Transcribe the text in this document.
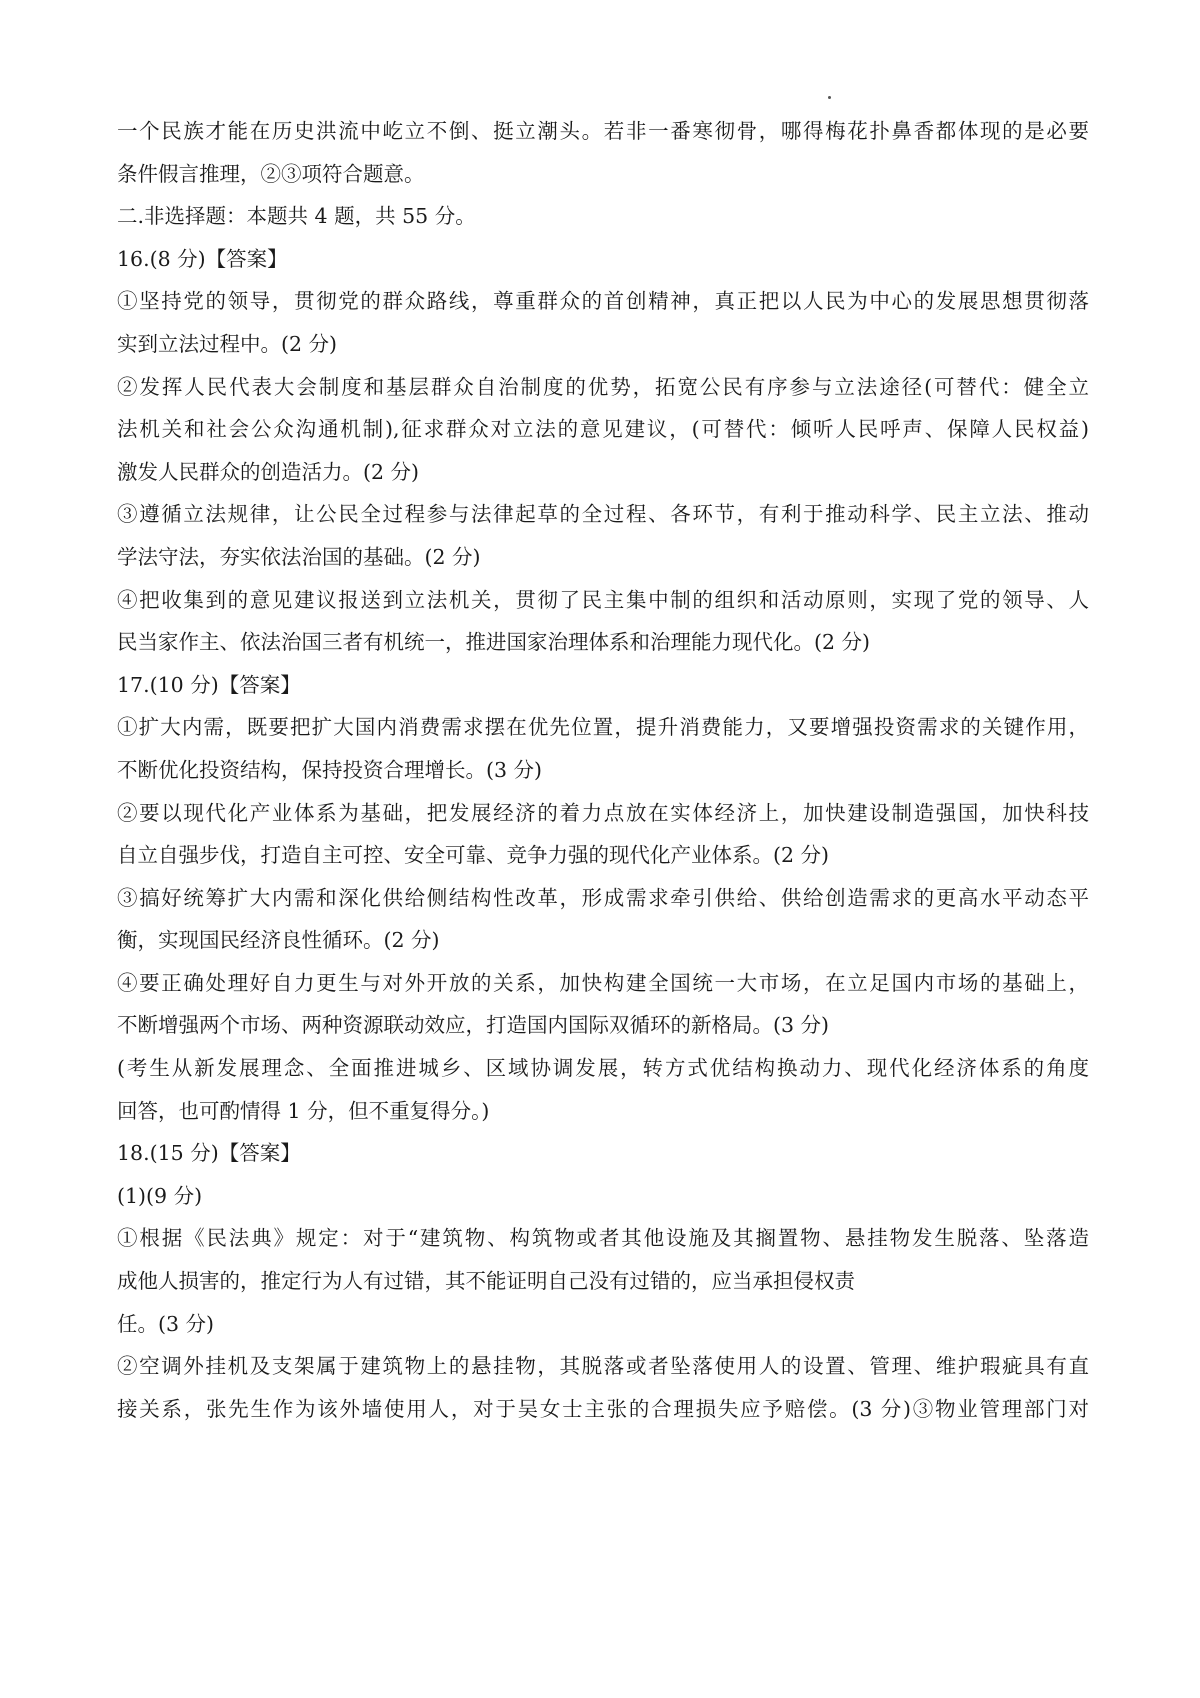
一个民族才能在历史洪流中屹立不倒、挺立潮头。若非一番寒彻骨，哪得梅花扑鼻香都体现的是必要
条件假言推理，②③项符合题意。
二.非选择题：本题共 4 题，共 55 分。
16.(8 分)【答案】
①坚持党的领导，贯彻党的群众路线，尊重群众的首创精神，真正把以人民为中心的发展思想贯彻落
实到立法过程中。(2 分)
②发挥人民代表大会制度和基层群众自治制度的优势，拓宽公民有序参与立法途径(可替代：健全立
法机关和社会公众沟通机制),征求群众对立法的意见建议，(可替代：倾听人民呼声、保障人民权益)
激发人民群众的创造活力。(2 分)
③遵循立法规律，让公民全过程参与法律起草的全过程、各环节，有利于推动科学、民主立法、推动
学法守法，夯实依法治国的基础。(2 分)
④把收集到的意见建议报送到立法机关，贯彻了民主集中制的组织和活动原则，实现了党的领导、人
民当家作主、依法治国三者有机统一，推进国家治理体系和治理能力现代化。(2 分)
17.(10 分)【答案】
①扩大内需，既要把扩大国内消费需求摆在优先位置，提升消费能力，又要增强投资需求的关键作用，
不断优化投资结构，保持投资合理增长。(3 分)
②要以现代化产业体系为基础，把发展经济的着力点放在实体经济上，加快建设制造强国，加快科技
自立自强步伐，打造自主可控、安全可靠、竞争力强的现代化产业体系。(2 分)
③搞好统筹扩大内需和深化供给侧结构性改革，形成需求牵引供给、供给创造需求的更高水平动态平
衡，实现国民经济良性循环。(2 分)
④要正确处理好自力更生与对外开放的关系，加快构建全国统一大市场，在立足国内市场的基础上，
不断增强两个市场、两种资源联动效应，打造国内国际双循环的新格局。(3 分)
(考生从新发展理念、全面推进城乡、区域协调发展，转方式优结构换动力、现代化经济体系的角度
回答，也可酌情得 1 分，但不重复得分。)
18.(15 分)【答案】
(1)(9 分)
①根据《民法典》规定：对于“建筑物、构筑物或者其他设施及其搁置物、悬挂物发生脱落、坠落造
成他人损害的，推定行为人有过错，其不能证明自己没有过错的，应当承担侵权责
任。(3 分)
②空调外挂机及支架属于建筑物上的悬挂物，其脱落或者坠落使用人的设置、管理、维护瑕疵具有直
接关系，张先生作为该外墙使用人，对于吴女士主张的合理损失应予赔偿。(3 分)③物业管理部门对
